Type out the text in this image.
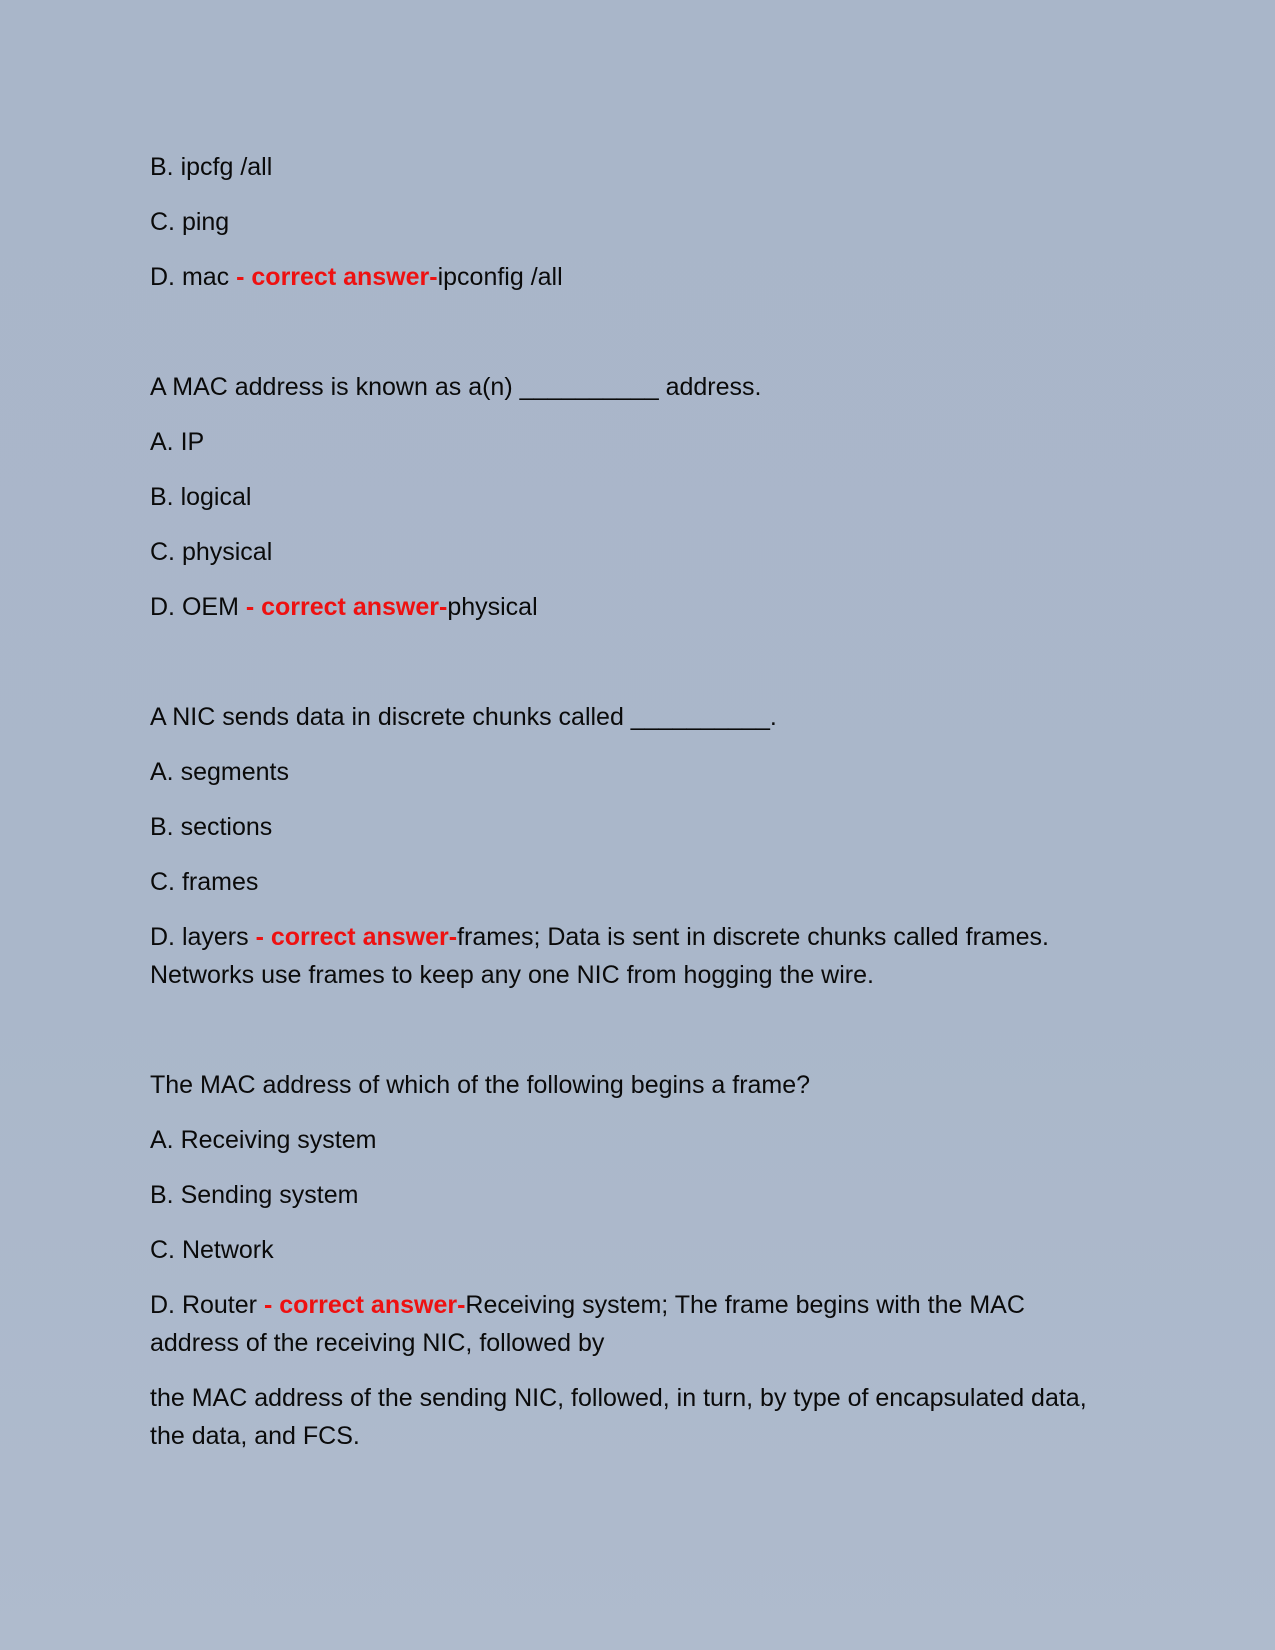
B. ipcfg /all

C. ping

D. mac - correct answer-ipconfig /all

A MAC address is known as a(n) __________ address.

A. IP

B. logical

C. physical

D. OEM - correct answer-physical

A NIC sends data in discrete chunks called __________.

A. segments

B. sections

C. frames

D. layers - correct answer-frames; Data is sent in discrete chunks called frames. Networks use frames to keep any one NIC from hogging the wire.

The MAC address of which of the following begins a frame?

A. Receiving system

B. Sending system

C. Network

D. Router - correct answer-Receiving system; The frame begins with the MAC address of the receiving NIC, followed by

the MAC address of the sending NIC, followed, in turn, by type of encapsulated data, the data, and FCS.
